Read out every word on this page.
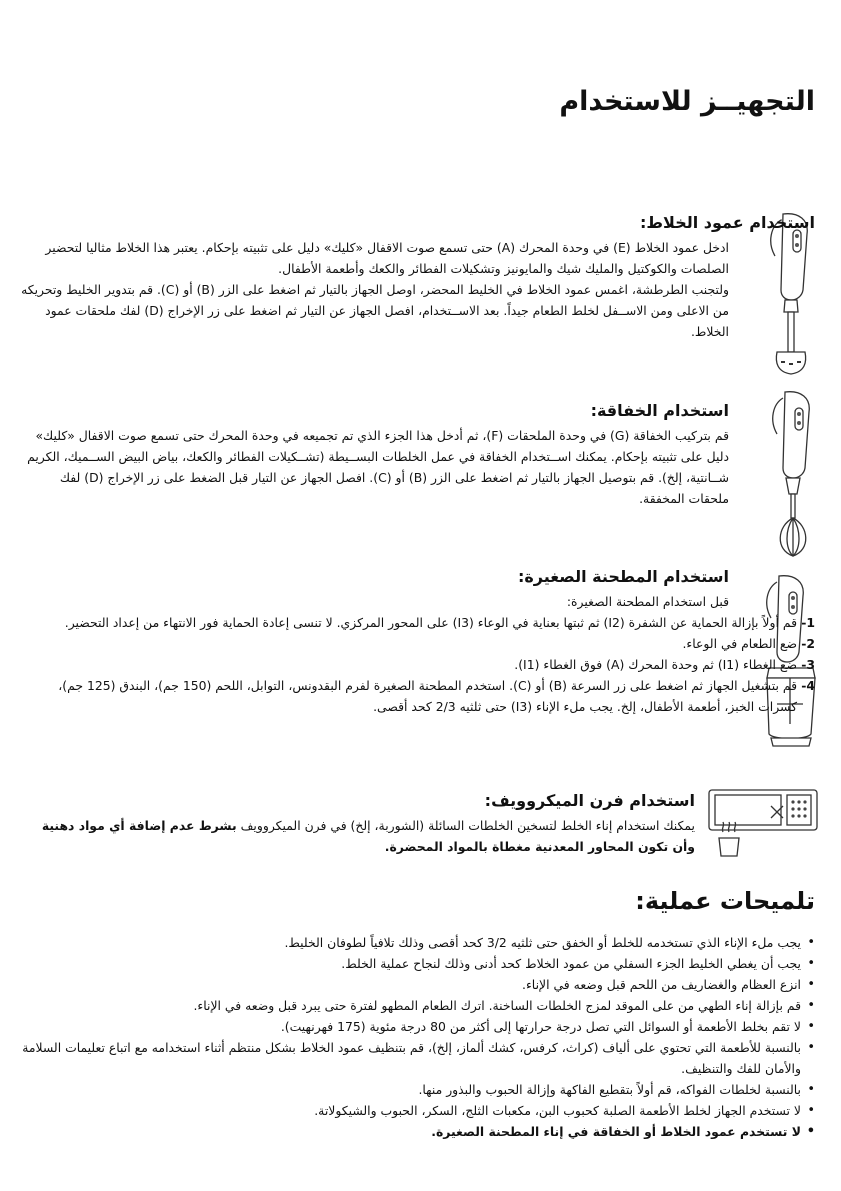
التجهيــز للاستخدام
استخدام عمود الخلاط:

ادخل عمود الخلاط (E) في وحدة المحرك (A) حتى تسمع صوت الاقفال «كليك» دليل على تثبيته بإحكام. يعتبر هذا الخلاط مثاليا لتحضير الصلصات والكوكتيل والمليك شيك والمايونيز وتشكيلات الفطائر والكعك وأطعمة الأطفال.

ولتجنب الطرطشة، اغمس عمود الخلاط في الخليط المحضر، اوصل الجهاز بالتيار ثم اضغط على الزر (B) أو (C). قم بتدوير الخليط وتحريكه من الاعلى ومن الاســفل لخلط الطعام جيداً. بعد الاســتخدام، افصل الجهاز عن التيار ثم اضغط على زر الإخراج (D) لفك ملحقات عمود الخلاط.

استخدام الخفاقة:

قم بتركيب الخفاقة (G) في وحدة الملحقات (F)، ثم أدخل هذا الجزء الذي تم تجميعه في وحدة المحرك حتى تسمع صوت الاقفال «كليك» دليل على تثبيته بإحكام. يمكنك اســتخدام الخفاقة في عمل الخلطات البســيطة (تشــكيلات الفطائر والكعك، بياض البيض الســميك، الكريم شــانتية، إلخ). قم بتوصيل الجهاز بالتيار ثم اضغط على الزر (B) أو (C). افصل الجهاز عن التيار قبل الضغط على زر الإخراج (D) لفك ملحقات المخفقة.

استخدام المطحنة الصغيرة:

قبل استخدام المطحنة الصغيرة:

1-
قم أولاً بإزالة الحماية عن الشفرة (I2) ثم ثبتها بعناية في الوعاء (I3) على المحور المركزي. لا تنسى إعادة الحماية فور الانتهاء من إعداد التحضير.
2-
ضع الطعام في الوعاء.
3-
ضع الغطاء (I1) ثم وحدة المحرك (A) فوق الغطاء (I1).
4-
قم بتشغيل الجهاز ثم اضغط على زر السرعة (B) أو (C). استخدم المطحنة الصغيرة لفرم البقدونس، التوابل، اللحم (150 جم)، البندق (125 جم)، كسرات الخبز، أطعمة الأطفال، إلخ. يجب ملء الإناء (I3) حتى ثلثيه 2/3 كحد أقصى.
استخدام فرن الميكروويف:

يمكنك استخدام إناء الخلط لتسخين الخلطات السائلة (الشوربة، إلخ) في فرن الميكروويف بشرط عدم إضافة أي مواد دهنية وأن تكون المحاور المعدنية مغطاة بالمواد المحضرة.

تلميحات عملية:
• يجب ملء الإناء الذي تستخدمه للخلط أو الخفق حتى ثلثيه 3/2 كحد أقصى وذلك تلافياً لطوفان الخليط.
• يجب أن يغطي الخليط الجزء السفلي من عمود الخلاط كحد أدنى وذلك لنجاح عملية الخلط.
• انزع العظام والغضاريف من اللحم قبل وضعه في الإناء.
• قم بإزالة إناء الطهي من على الموقد لمزج الخلطات الساخنة. اترك الطعام المطهو لفترة حتى يبرد قبل وضعه في الإناء.
• لا تقم بخلط الأطعمة أو السوائل التي تصل درجة حرارتها إلى أكثر من 80 درجة مئوية (175 فهرنهيت).
• بالنسبة للأطعمة التي تحتوي على ألياف (كراث، كرفس، كشك ألماز، إلخ)، قم بتنظيف عمود الخلاط بشكل منتظم أثناء استخدامه مع اتباع تعليمات السلامة والأمان للفك والتنظيف.
• بالنسبة لخلطات الفواكه، قم أولاً بتقطيع الفاكهة وإزالة الحبوب والبذور منها.
• لا تستخدم الجهاز لخلط الأطعمة الصلبة كحبوب البن، مكعبات الثلج، السكر، الحبوب والشيكولاتة.
• لا تستخدم عمود الخلاط أو الخفاقة في إناء المطحنة الصغيرة.
